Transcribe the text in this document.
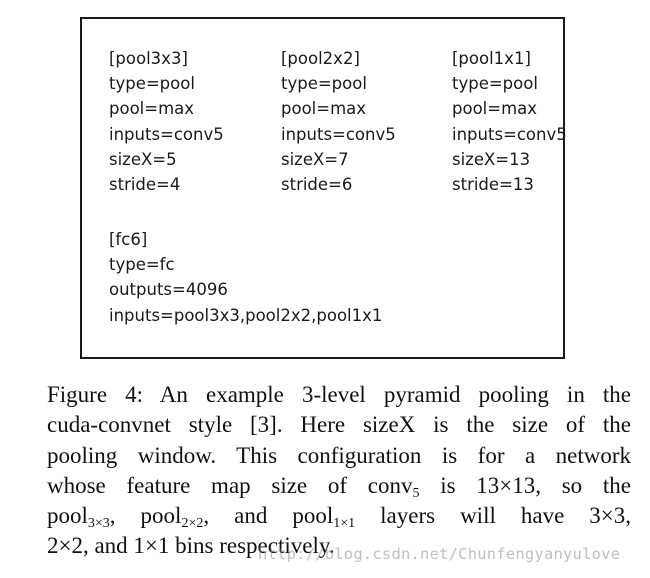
[pool3x3]
type=pool
pool=max
inputs=conv5
sizeX=5
stride=4
[pool2x2]
type=pool
pool=max
inputs=conv5
sizeX=7
stride=6
[pool1x1]
type=pool
pool=max
inputs=conv5
sizeX=13
stride=13
[fc6]
type=fc
outputs=4096
inputs=pool3x3,pool2x2,pool1x1
Figure 4: An example 3-level pyramid pooling in the
cuda-convnet style [3]. Here sizeX is the size of the
pooling window. This configuration is for a network
whose feature map size of conv$_5$ is 13×13, so the
pool$_{3\times 3}$, pool$_{2\times 2}$, and pool$_{1\times 1}$ layers will have 3×3,
2×2, and 1×1 bins respectively.
http://blog.csdn.net/Chunfengyanyulove
